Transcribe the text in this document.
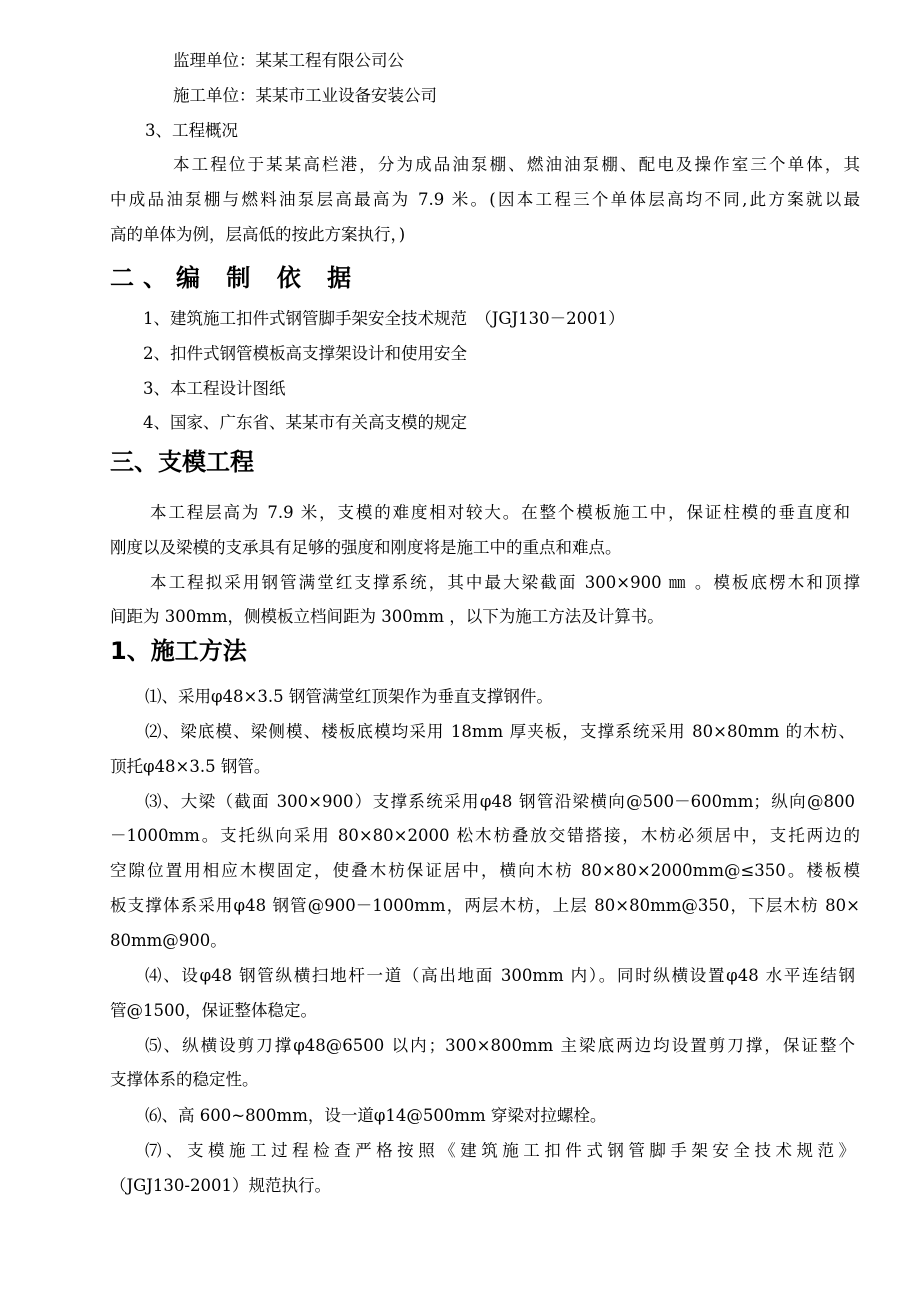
监理单位：某某工程有限公司公
施工单位：某某市工业设备安装公司
3、工程概况
本工程位于某某高栏港，分为成品油泵棚、燃油油泵棚、配电及操作室三个单体，其
中成品油泵棚与燃料油泵层高最高为 7.9 米。(因本工程三个单体层高均不同,此方案就以最
高的单体为例，层高低的按此方案执行，)
二、编 制 依 据
1、建筑施工扣件式钢管脚手架安全技术规范　（JGJ130－2001）
2、扣件式钢管模板高支撑架设计和使用安全
3、本工程设计图纸
4、国家、广东省、某某市有关高支模的规定
三、支模工程
本工程层高为 7.9 米，支模的难度相对较大。在整个模板施工中，保证柱模的垂直度和
刚度以及梁模的支承具有足够的强度和刚度将是施工中的重点和难点。
本工程拟采用钢管满堂红支撑系统，其中最大梁截面 300×900 ㎜ 。模板底楞木和顶撑
间距为 300mm，侧模板立档间距为 300mm ，以下为施工方法及计算书。
1、施工方法
⑴、采用φ48×3.5 钢管满堂红顶架作为垂直支撑钢件。
⑵、梁底模、梁侧模、楼板底模均采用 18mm 厚夹板，支撑系统采用 80×80mm 的木枋、
顶托φ48×3.5 钢管。
⑶、大梁（截面 300×900）支撑系统采用φ48 钢管沿梁横向@500－600mm；纵向@800
－1000mm。支托纵向采用 80×80×2000 松木枋叠放交错搭接，木枋必须居中，支托两边的
空隙位置用相应木楔固定，使叠木枋保证居中，横向木枋 80×80×2000mm@≤350。楼板模
板支撑体系采用φ48 钢管@900－1000mm，两层木枋，上层 80×80mm@350，下层木枋 80×
80mm@900。
⑷、设φ48 钢管纵横扫地杆一道（高出地面 300mm 内）。同时纵横设置φ48 水平连结钢
管@1500，保证整体稳定。
⑸、纵横设剪刀撑φ48@6500 以内；300×800mm 主梁底两边均设置剪刀撑，保证整个
支撑体系的稳定性。
⑹、高 600~800mm，设一道φ14@500mm 穿梁对拉螺栓。
⑺、支模施工过程检查严格按照《建筑施工扣件式钢管脚手架安全技术规范》
（JGJ130-2001）规范执行。
